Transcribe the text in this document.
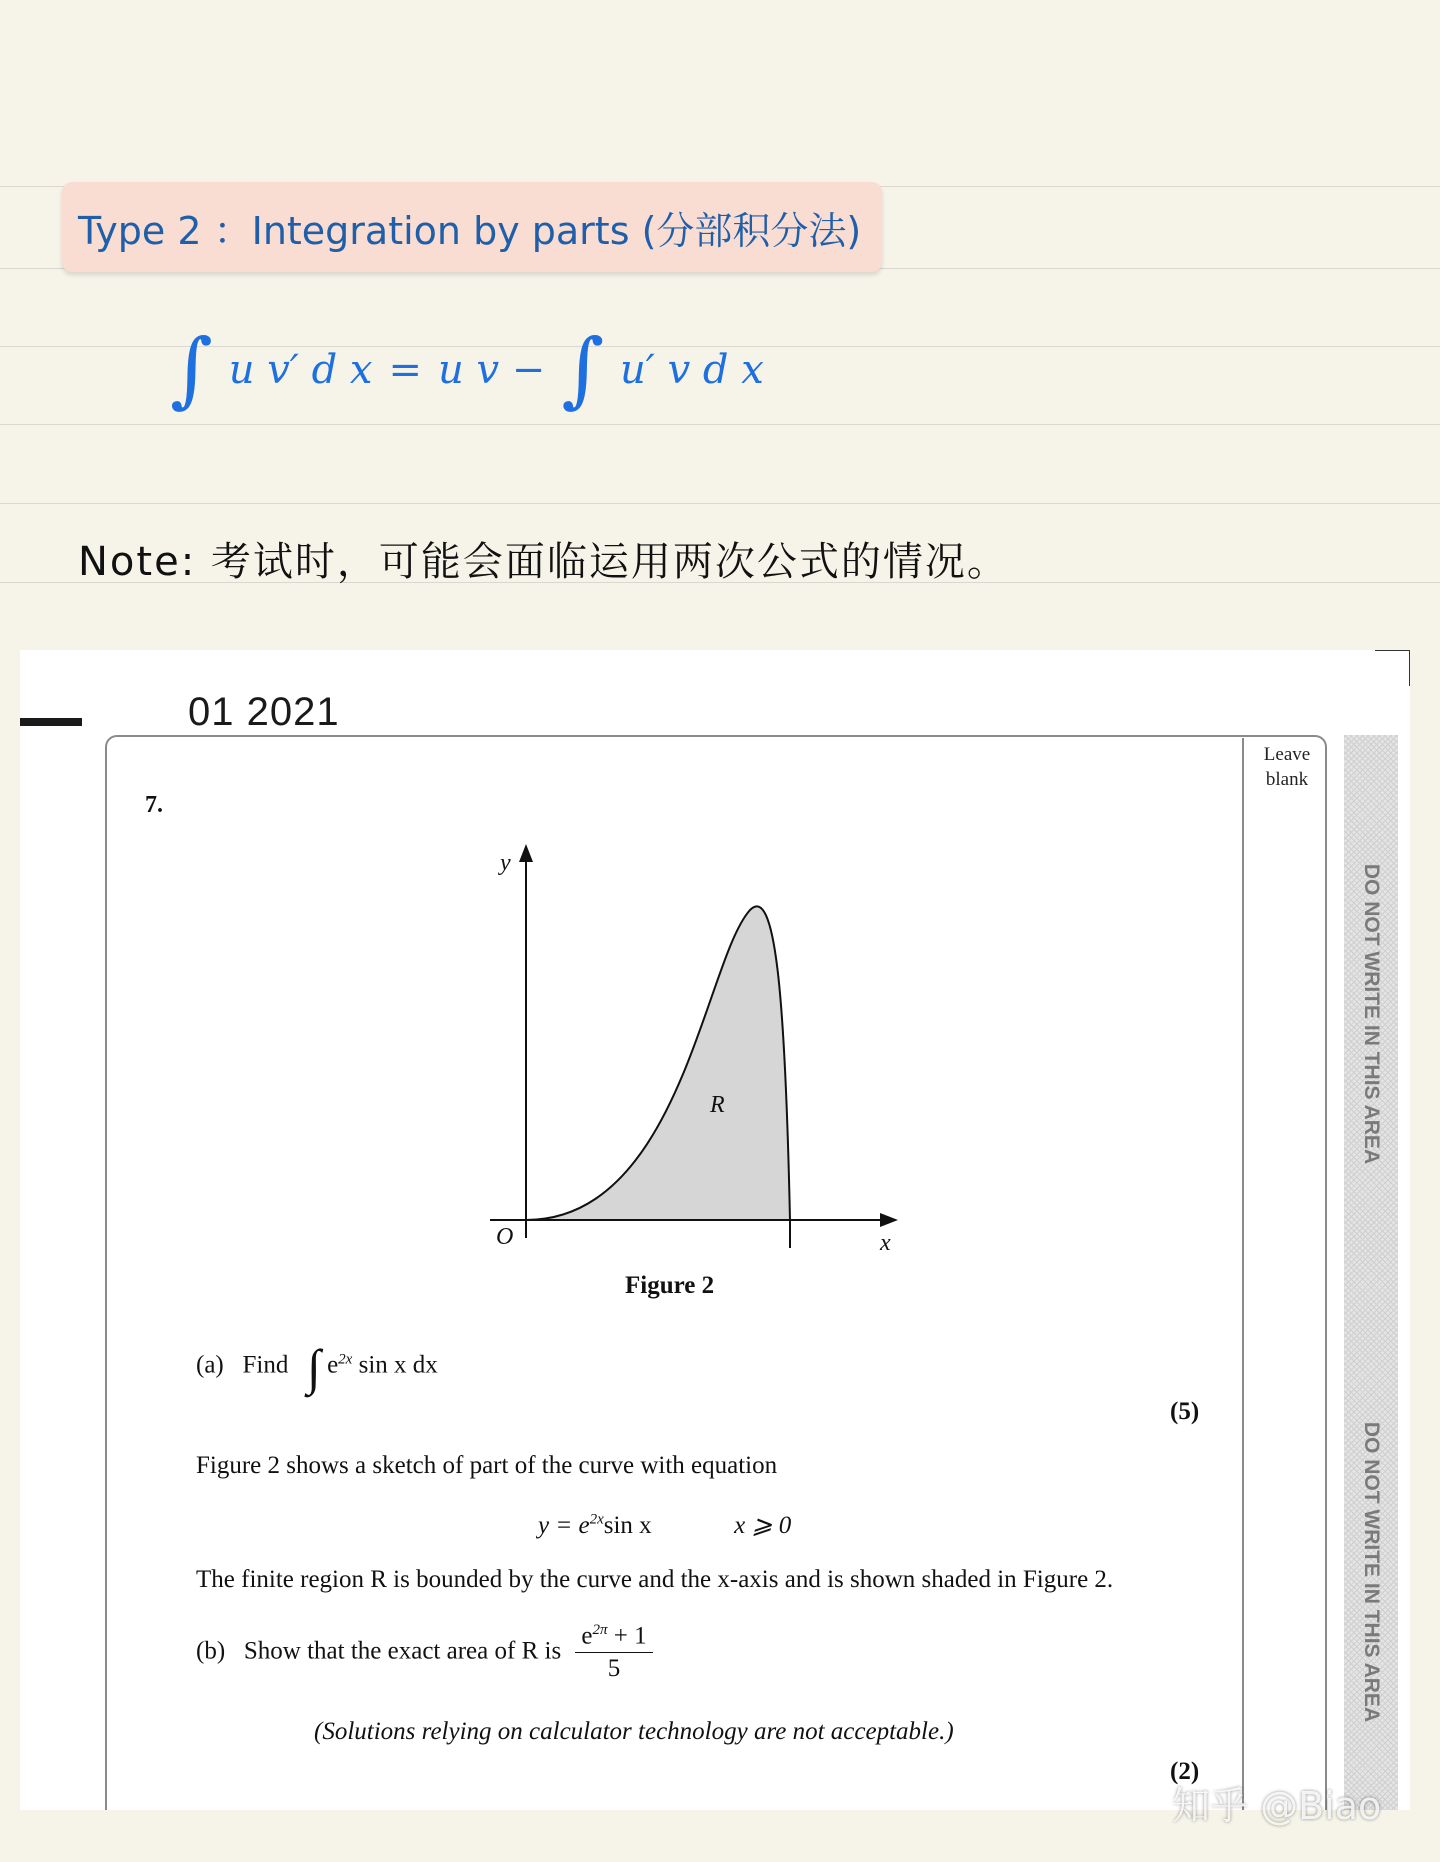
Type 2 ：Integration by parts (分部积分法)
∫ u v′ d x = u v − ∫ u′ v d x
Note: 考试时，可能会面临运用两次公式的情况。
01 2021
Leave blank
DO NOT WRITE IN THIS AREA
DO NOT WRITE IN THIS AREA
7.
y
x
O
R
Figure 2
(a) Find ∫ $e^{2x}$ sin x dx
(5)
Figure 2 shows a sketch of part of the curve with equation
$y = e^{2x}\sin$ x	x ⩾ 0
The finite region R is bounded by the curve and the x-axis and is shown shaded in Figure 2.
(b) Show that the exact area of R is $\frac{e^{2\pi} + 1}{5}$
(Solutions relying on calculator technology are not acceptable.)
(2)
知乎 @Biao
